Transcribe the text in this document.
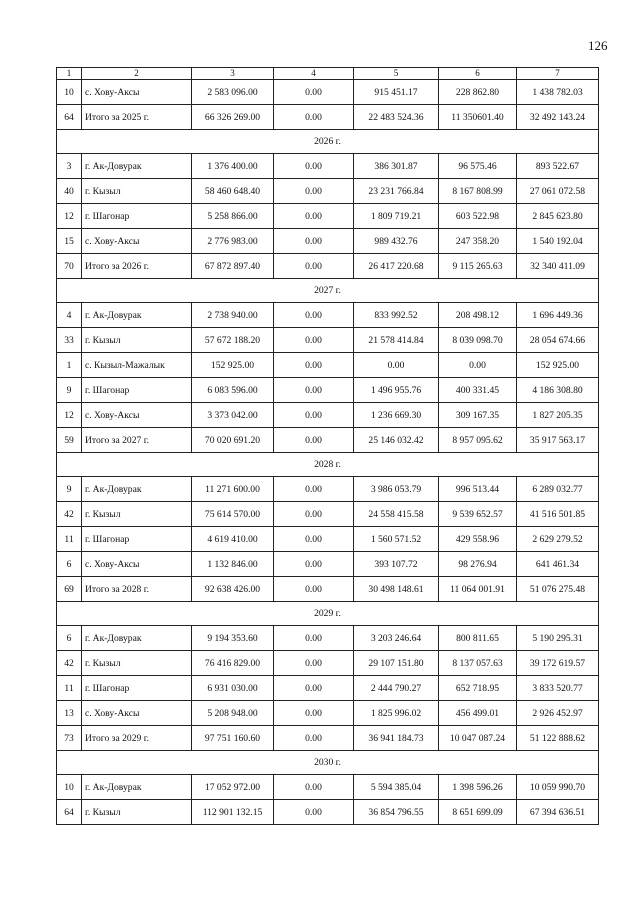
126
1	2	3	4	5	6	7
10	с. Хову-Аксы	2 583 096.00	0.00	915 451.17	228 862.80	1 438 782.03
64	Итого за 2025 г.	66 326 269.00	0.00	22 483 524.36	11 350601.40	32 492 143.24
2026 г.						
3	г. Ак-Довурак	1 376 400.00	0.00	386 301.87	96 575.46	893 522.67
40	г. Кызыл	58 460 648.40	0.00	23 231 766.84	8 167 808.99	27 061 072.58
12	г. Шагонар	5 258 866.00	0.00	1 809 719.21	603 522.98	2 845 623.80
15	с. Хову-Аксы	2 776 983.00	0.00	989 432.76	247 358.20	1 540 192.04
70	Итого за 2026 г.	67 872 897.40	0.00	26 417 220.68	9 115 265.63	32 340 411.09
2027 г.						
4	г. Ак-Довурак	2 738 940.00	0.00	833 992.52	208 498.12	1 696 449.36
33	г. Кызыл	57 672 188.20	0.00	21 578 414.84	8 039 098.70	28 054 674.66
1	с. Кызыл-Мажалык	152 925.00	0.00	0.00	0.00	152 925.00
9	г. Шагонар	6 083 596.00	0.00	1 496 955.76	400 331.45	4 186 308.80
12	с. Хову-Аксы	3 373 042.00	0.00	1 236 669.30	309 167.35	1 827 205.35
59	Итого за 2027 г.	70 020 691.20	0.00	25 146 032.42	8 957 095.62	35 917 563.17
2028 г.						
9	г. Ак-Довурак	11 271 600.00	0.00	3 986 053.79	996 513.44	6 289 032.77
42	г. Кызыл	75 614 570.00	0.00	24 558 415.58	9 539 652.57	41 516 501.85
11	г. Шагонар	4 619 410.00	0.00	1 560 571.52	429 558.96	2 629 279.52
6	с. Хову-Аксы	1 132 846.00	0.00	393 107.72	98 276.94	641 461.34
69	Итого за 2028 г.	92 638 426.00	0.00	30 498 148.61	11 064 001.91	51 076 275.48
2029 г.						
6	г. Ак-Довурак	9 194 353.60	0.00	3 203 246.64	800 811.65	5 190 295.31
42	г. Кызыл	76 416 829.00	0.00	29 107 151.80	8 137 057.63	39 172 619.57
11	г. Шагонар	6 931 030.00	0.00	2 444 790.27	652 718.95	3 833 520.77
13	с. Хову-Аксы	5 208 948.00	0.00	1 825 996.02	456 499.01	2 926 452.97
73	Итого за 2029 г.	97 751 160.60	0.00	36 941 184.73	10 047 087.24	51 122 888.62
2030 г.						
10	г. Ак-Довурак	17 052 972.00	0.00	5 594 385.04	1 398 596.26	10 059 990.70
64	г. Кызыл	112 901 132.15	0.00	36 854 796.55	8 651 699.09	67 394 636.51
